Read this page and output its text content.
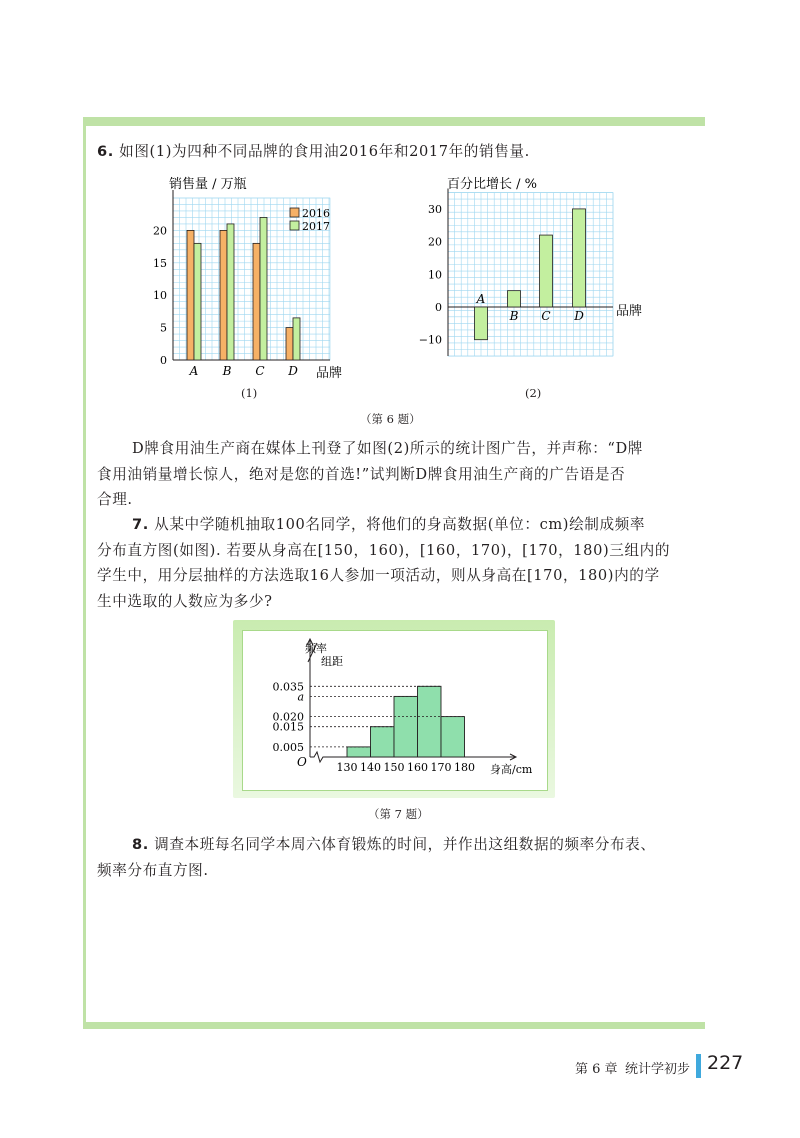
6. 如图(1)为四种不同品牌的食用油2016年和2017年的销售量.

销售量 / 万瓶
0
5
10
15
20
A B C D
2016
2017
品牌
百分比增长 / %
−10
0
10
20
30
A
B C D 品牌
(1)	(2)
（第 6 题）

D牌食用油生产商在媒体上刊登了如图(2)所示的统计图广告，并声称：“D牌
食用油销量增长惊人，绝对是您的首选!”试判断D牌食用油生产商的广告语是否
合理.

7. 从某中学随机抽取100名同学，将他们的身高数据(单位：cm)绘制成频率
分布直方图(如图). 若要从身高在[150，160)，[160，170)，[170，180)三组内的
学生中，用分层抽样的方法选取16人参加一项活动，则从身高在[170，180)内的学
生中选取的人数应为多少?

0.035
a
0.020
0.015
0.005
130 140 150 160 170 180
频率
组距
O
身高/cm
（第 7 题）

8. 调查本班每名同学本周六体育锻炼的时间，并作出这组数据的频率分布表、
频率分布直方图.

第 6 章 统计学初步 227
